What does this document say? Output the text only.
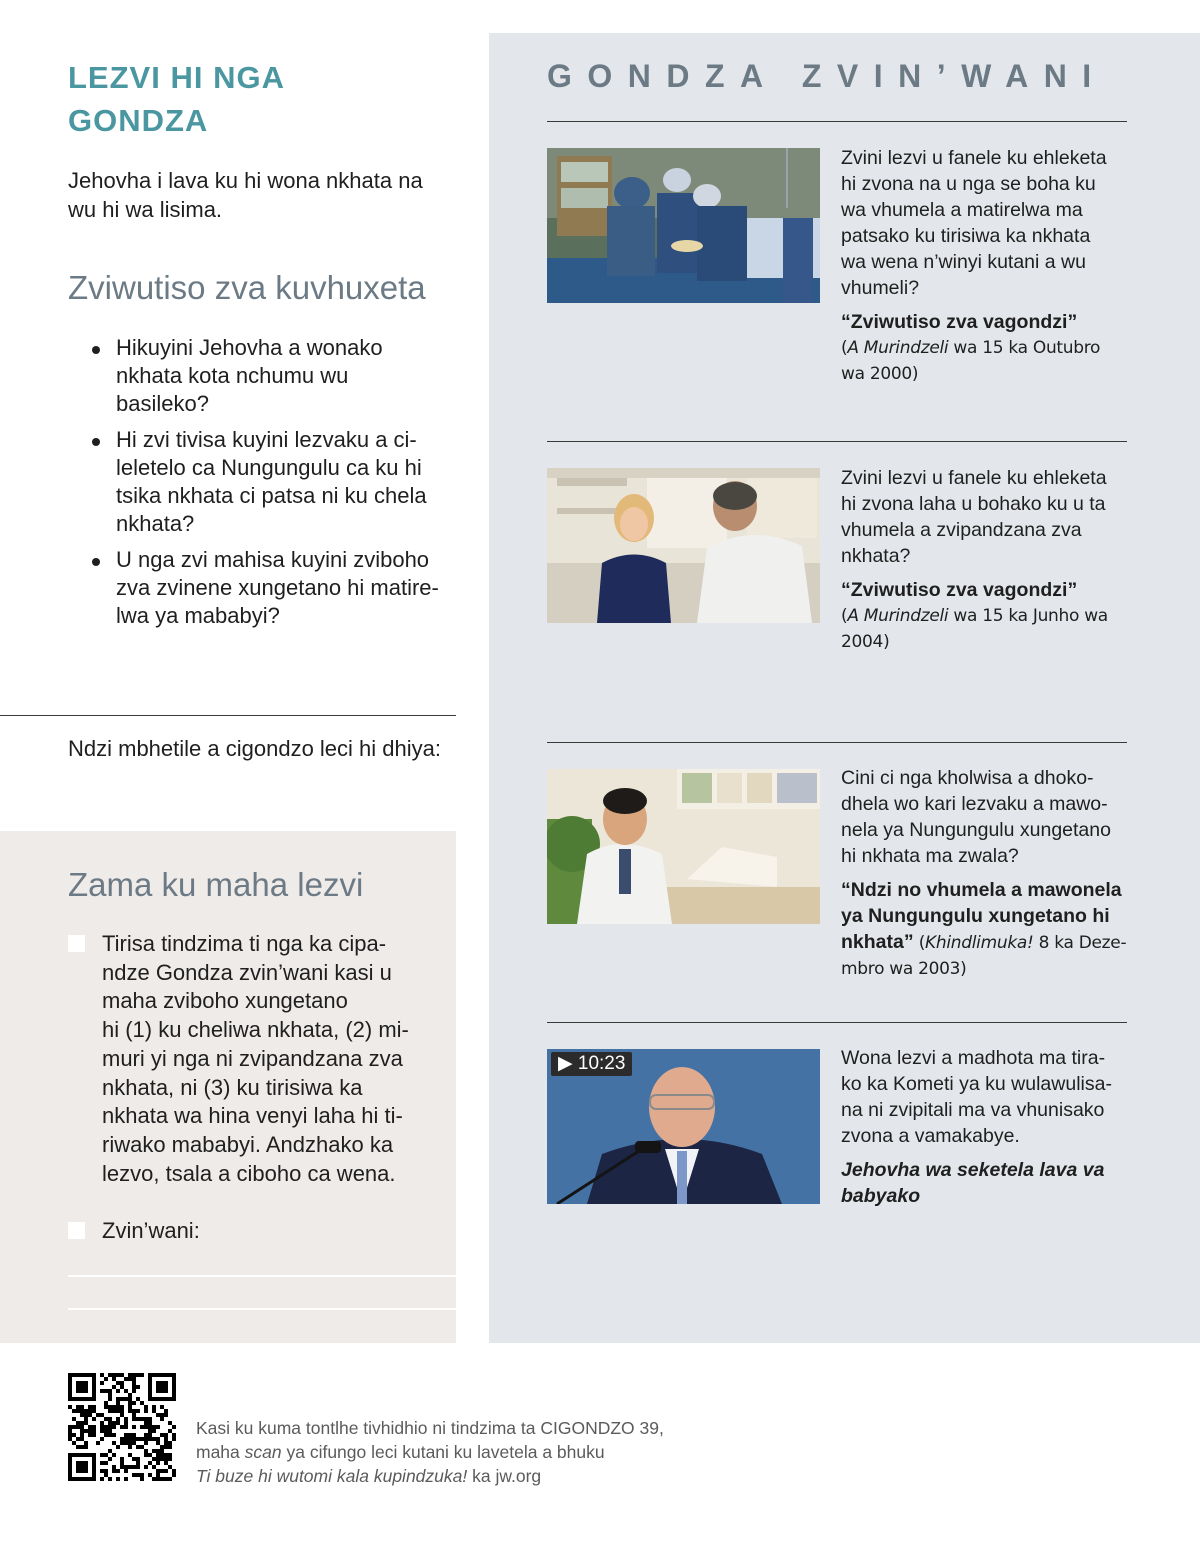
LEZVI HI NGA
GONDZA
Jehovha i lava ku hi wona nkhata na
wu hi wa lisima.
Zviwutiso zva kuvhuxeta
Hikuyini Jehovha a wonako
nkhata kota nchumu wu
basileko?
Hi zvi tivisa kuyini lezvaku a ci-
leletelo ca Nungungulu ca ku hi
tsika nkhata ci patsa ni ku chela
nkhata?
U nga zvi mahisa kuyini zviboho
zva zvinene xungetano hi matire-
lwa ya mababyi?
Ndzi mbhetile a cigondzo leci hi dhiya:
Zama ku maha lezvi
Tirisa tindzima ti nga ka cipa-
ndze Gondza zvin’wani kasi u
maha zviboho xungetano
hi (1) ku cheliwa nkhata, (2) mi-
muri yi nga ni zvipandzana zva
nkhata, ni (3) ku tirisiwa ka
nkhata wa hina venyi laha hi ti-
riwako mababyi. Andzhako ka
lezvo, tsala a ciboho ca wena.
Zvin’wani:
GONDZA ZVIN’WANI
Zvini lezvi u fanele ku ehleketa
hi zvona na u nga se boha ku
wa vhumela a matirelwa ma
patsako ku tirisiwa ka nkhata
wa wena n’winyi kutani a wu
vhumeli?
“Zviwutiso zva vagondzi”
(A Murindzeli wa 15 ka Outubro
wa 2000)
Zvini lezvi u fanele ku ehleketa
hi zvona laha u bohako ku u ta
vhumela a zvipandzana zva
nkhata?
“Zviwutiso zva vagondzi”
(A Murindzeli wa 15 ka Junho wa
2004)
Cini ci nga kholwisa a dhoko-
dhela wo kari lezvaku a mawo-
nela ya Nungungulu xungetano
hi nkhata ma zwala?
“Ndzi no vhumela a mawonela
ya Nungungulu xungetano hi
nkhata” (Khindlimuka! 8 ka Deze-
mbro wa 2003)
▶ 10:23	Wona lezvi a madhota ma tira-
ko ka Kometi ya ku wulawulisa-
na ni zvipitali ma va vhunisako
zvona a vamakabye.
Jehovha wa seketela lava va
babyako
Kasi ku kuma tontlhe tivhidhio ni tindzima ta CIGONDZO 39,
maha scan ya cifungo leci kutani ku lavetela a bhuku
Ti buze hi wutomi kala kupindzuka! ka jw.org
